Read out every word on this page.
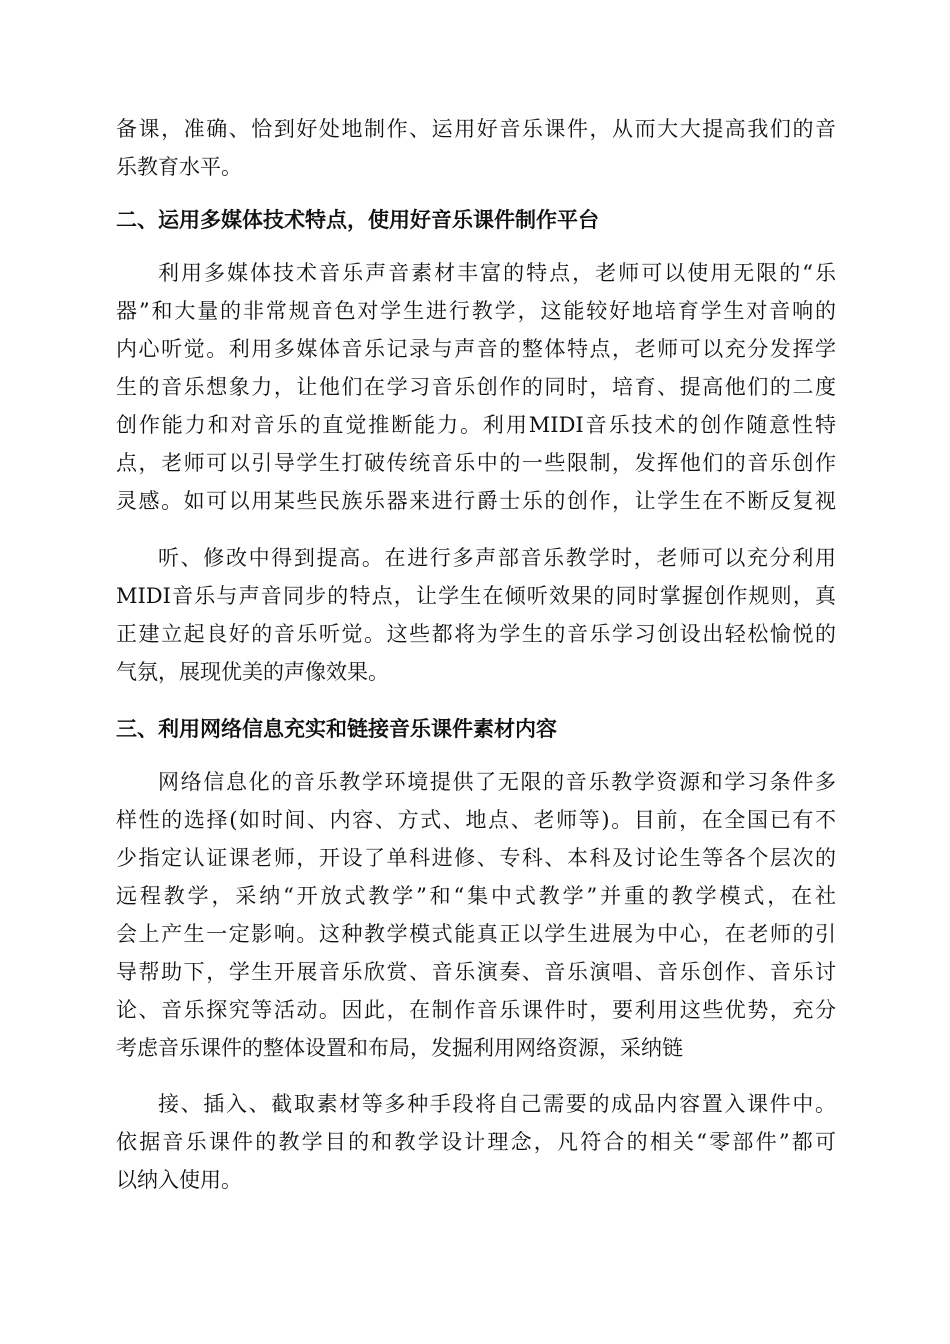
备课，准确、恰到好处地制作、运用好音乐课件，从而大大提高我们的音
乐教育水平。
二、运用多媒体技术特点，使用好音乐课件制作平台
利用多媒体技术音乐声音素材丰富的特点，老师可以使用无限的“乐
器”和大量的非常规音色对学生进行教学，这能较好地培育学生对音响的
内心听觉。利用多媒体音乐记录与声音的整体特点，老师可以充分发挥学
生的音乐想象力，让他们在学习音乐创作的同时，培育、提高他们的二度
创作能力和对音乐的直觉推断能力。利用MIDI音乐技术的创作随意性特
点，老师可以引导学生打破传统音乐中的一些限制，发挥他们的音乐创作
灵感。如可以用某些民族乐器来进行爵士乐的创作，让学生在不断反复视
听、修改中得到提高。在进行多声部音乐教学时，老师可以充分利用
MIDI音乐与声音同步的特点，让学生在倾听效果的同时掌握创作规则，真
正建立起良好的音乐听觉。这些都将为学生的音乐学习创设出轻松愉悦的
气氛，展现优美的声像效果。
三、利用网络信息充实和链接音乐课件素材内容
网络信息化的音乐教学环境提供了无限的音乐教学资源和学习条件多
样性的选择(如时间、内容、方式、地点、老师等)。目前，在全国已有不
少指定认证课老师，开设了单科进修、专科、本科及讨论生等各个层次的
远程教学，采纳“开放式教学”和“集中式教学”并重的教学模式，在社
会上产生一定影响。这种教学模式能真正以学生进展为中心，在老师的引
导帮助下，学生开展音乐欣赏、音乐演奏、音乐演唱、音乐创作、音乐讨
论、音乐探究等活动。因此，在制作音乐课件时，要利用这些优势，充分
考虑音乐课件的整体设置和布局，发掘利用网络资源，采纳链
接、插入、截取素材等多种手段将自己需要的成品内容置入课件中。
依据音乐课件的教学目的和教学设计理念，凡符合的相关“零部件”都可
以纳入使用。
